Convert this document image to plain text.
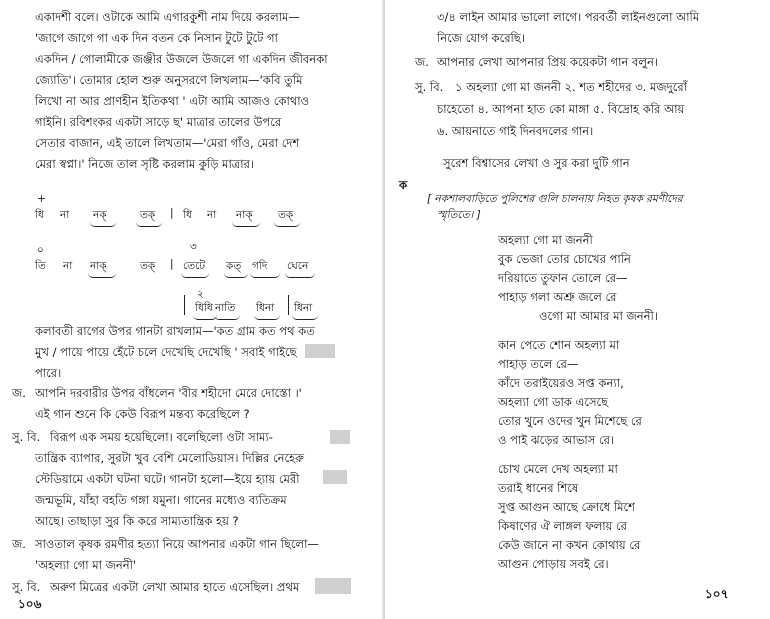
একাদশী বলে। ওটাকে আমি এগারকুশী নাম দিয়ে করলাম—
'জাগে জাগে গা এক দিন বতন কে নিসান টুটে টুটে গা
একদিন / গোলামীকে জঞ্জীর উজলে উজলে গা একদিন জীবনকা
জ্যোতি'। তোমার হোল শুরু অনুসরণে লিখলাম—'কবি তুমি
লিখো না আর প্রাণহীন ইতিকথা ' এটা আমি আজও কোথাও
গাইনি। রবিশংকর একটা সাড়ে ছ' মাত্রার তালের উপরে
সেতার বাজান, এই তালে লিখতাম—'মেরা গাঁও, মেরা দেশ
মেরা স্বপ্না।' নিজে তাল সৃষ্টি করলাম কুড়ি মাত্রার।
+
ধি না নক্‌	তক্‌ | ধি না নাক্‌ তক্‌
০	৩
তি না নাক্‌	তক্‌ | তেটে কত্‌ গদি ঘেনে
২
ধিধি নাতি ধিনা ধিনা
কলাবতী রাগের উপর গানটা রাখলাম—'কত গ্রাম কত পথ কত
মুখ / পায়ে পায়ে হেঁটে চলে দেখেছি দেখেছি ' সবাই গাইছে
পারে।
জ. আপনি দরবারীর উপর বাঁধলেন 'বীর শহীদো মেরে দোস্তো ।'
এই গান শুনে কি কেউ বিরূপ মন্তব্য করেছিলে ?
সু. বি. বিরূপ এক সময় হয়েছিলো। বলেছিলো ওটা সাম্য-
তান্ত্রিক ব্যাপার, সুরটা খুব বেশি মেলোডিয়াস। দিল্লির নেহেরু
স্টেডিয়ামে একটা ঘটনা ঘটে। গানটা হলো—ইয়ে হ্যায় মেরী
জন্মভূমি, যাঁহা বহতি গঙ্গা যমুনা। গানের মধ্যেও ব্যতিক্রম
আছে। তাছাড়া সুর কি করে সাম্যতান্ত্রিক হয় ?
জ. সাওতাল কৃষক রমণীর হত্যা নিয়ে আপনার একটা গান ছিলো—
'অহল্যা গো মা জননী'
সু. বি. অরুণ মিত্রের একটা লেখা আমার হাতে এসেছিল। প্রথম
১০৬
৩/৪ লাইন আমার ভালো লাগে। পরবর্তী লাইনগুলো আমি
নিজে যোগ করেছি।
জ. আপনার লেখা আপনার প্রিয় কয়েকটা গান বলুন।
সু. বি. ১ অহল্যা গো মা জননী ২. শত শহীদের ৩. মজদুরোঁ
চাহেতো ৪. আপনা হাত কো মাঙ্গা ৫. বিদ্রোহ করি আয়
৬. আয়নাতে গাই দিনবদলের গান।
সুরেশ বিশ্বাসের লেখা ও সুর করা দুটি গান
ক
[ নকশালবাড়িতে পুলিশের গুলি চালনায় নিহত কৃষক রমণীদের
স্মৃতিতে। ]
অহল্যা গো মা জননী
বুক ভেজা তোর চোখের পানি
দরিয়াতে তুফান তোলে রে—
পাহাড় গলা অশ্রু জলে রে
ওগো মা আমার মা জননী।
কান পেতে শোন অহল্যা মা
পাহাড় তলে রে—
কাঁদে তরাইয়েরও সপ্ত কন্যা,
অহল্যা গো ডাক এসেছে
তোর খুনে ওদের খুন মিশেছে রে
ও পাই ঝড়ের আভাস রে।
চোখ মেলে দেখ অহল্যা মা
তরাই ধানের শিষে
সুপ্ত আগুন আছে ক্রোধে মিশে
কিষাণের ঐ লাঙ্গল ফলায় রে
কেউ জানে না কখন কোথায় রে
আগুন পোড়ায় সবই রে।
১০৭
